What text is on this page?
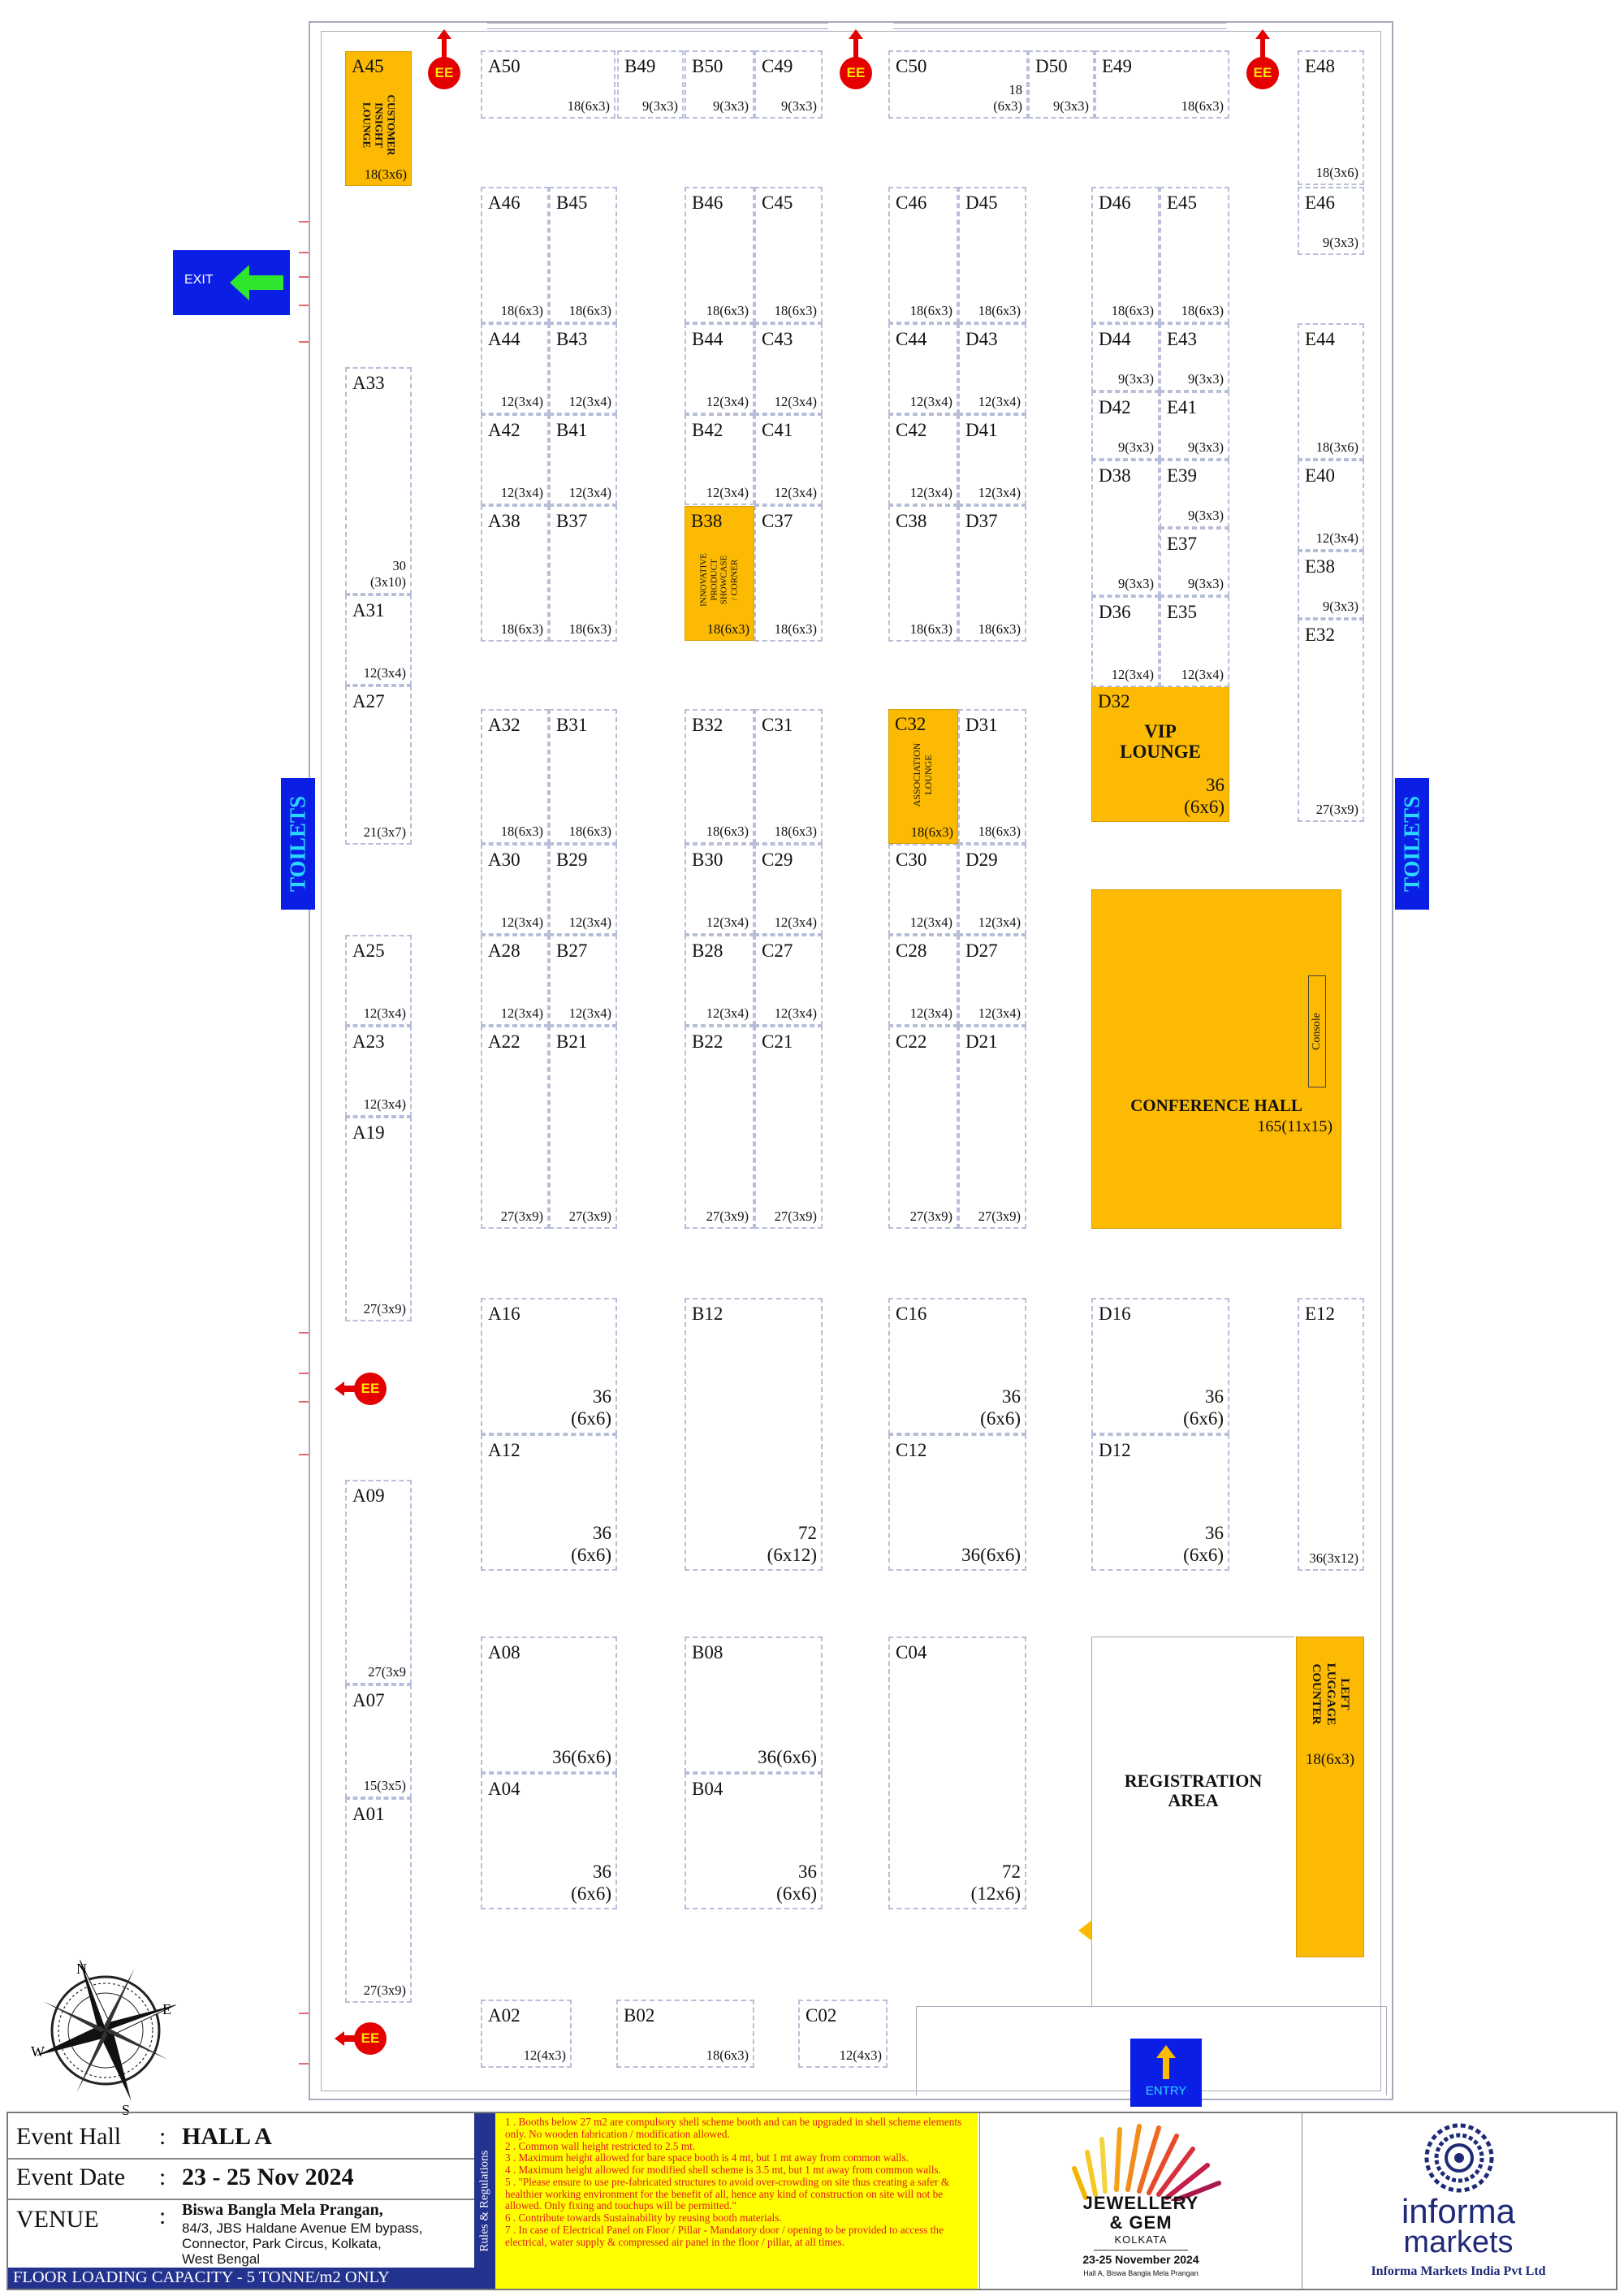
EXIT
TOILETS	TOILETS
EE	EE	EE
EE
EE
ENTRY
REGISTRATION
AREA
LEFT
LUGGAGE
COUNTER
18(6x3)
CONFERENCE HALL
165(11x15)
Console
N
E
S
W
A45
CUSTOMER
INSIGHT
LOUNGE
18(3x6)
B38
INNOVATIVE PRODUCT
SHOWCASE / CORNER
18(6x3)
C32
ASSOCIATION
LOUNGE
18(6x3)
D32
VIP
LOUNGE
36
(6x6)
A50
18(6x3)
B49
9(3x3)
B50
9(3x3)
C49
9(3x3)
C50
18
(6x3)
D50
9(3x3)
E49
18(6x3)
E48
18(3x6)
A46
18(6x3)
B45
18(6x3)
B46
18(6x3)
C45
18(6x3)
C46
18(6x3)
D45
18(6x3)
D46
18(6x3)
E45
18(6x3)
E46
9(3x3)
A44
12(3x4)
B43
12(3x4)
B44
12(3x4)
C43
12(3x4)
C44
12(3x4)
D43
12(3x4)
D44
9(3x3)
E43
9(3x3)
E44
18(3x6)
D42
9(3x3)
E41
9(3x3)
A42
12(3x4)
B41
12(3x4)
B42
12(3x4)
C41
12(3x4)
C42
12(3x4)
D41
12(3x4)
D38
9(3x3)
E39
9(3x3)
E40
12(3x4)
E37
9(3x3)
E38
9(3x3)
A38
18(6x3)
B37
18(6x3)
C37
18(6x3)
C38
18(6x3)
D37
18(6x3)
D36
12(3x4)
E35
12(3x4)
E32
27(3x9)
A33
30
(3x10)
A31
12(3x4)
A27
21(3x7)
A32
18(6x3)
B31
18(6x3)
B32
18(6x3)
C31
18(6x3)
D31
18(6x3)
A30
12(3x4)
B29
12(3x4)
B30
12(3x4)
C29
12(3x4)
C30
12(3x4)
D29
12(3x4)
A28
12(3x4)
B27
12(3x4)
B28
12(3x4)
C27
12(3x4)
C28
12(3x4)
D27
12(3x4)
A25
12(3x4)
A23
12(3x4)
A19
27(3x9)
A22
27(3x9)
B21
27(3x9)
B22
27(3x9)
C21
27(3x9)
C22
27(3x9)
D21
27(3x9)
A16
36
(6x6)
B12
72
(6x12)
C16
36
(6x6)
D16
36
(6x6)
E12
36(3x12)
A12
36
(6x6)
C12
36(6x6)
D12
36
(6x6)
A09
27(3x9
A07
15(3x5)
A01
27(3x9)
A08
36(6x6)
B08
36(6x6)
C04
72
(12x6)
A04
36
(6x6)
B04
36
(6x6)
A02
12(4x3)
B02
18(6x3)
C02
12(4x3)
Event Hall : HALL A
Event Date : 23 - 25 Nov 2024
VENUE : Biswa Bangla Mela Prangan,
84/3, JBS Haldane Avenue EM bypass,
Connector, Park Circus, Kolkata,
West Bengal
FLOOR LOADING CAPACITY - 5 TONNE/m2 ONLY
Rules & Regulations
1 . Booths below 27 m2 are compulsory shell scheme booth and can be upgraded in shell scheme elements only. No wooden fabrication / modification allowed.
2 . Common wall height restricted to 2.5 mt.
3 . Maximum height allowed for bare space booth is 4 mt, but 1 mt away from common walls.
4 . Maximum height allowed for modified shell scheme is 3.5 mt, but 1 mt away from common walls.
5 . "Please ensure to use pre-fabricated structures to avoid over-crowding on site thus creating a safer & healthier working environment for the benefit of all, hence any kind of construction on site will not be allowed. Only fixing and touchups will be permitted."
6 . Contribute towards Sustainability by reusing booth materials.
7 . In case of Electrical Panel on Floor / Pillar - Mandatory door / opening to be provided to access the electrical, water supply & compressed air panel in the floor / pillar, at all times.
JEWELLERY
& GEM
KOLKATA
23-25 November 2024
Hall A, Biswa Bangla Mela Prangan
informa
markets
Informa Markets India Pvt Ltd
